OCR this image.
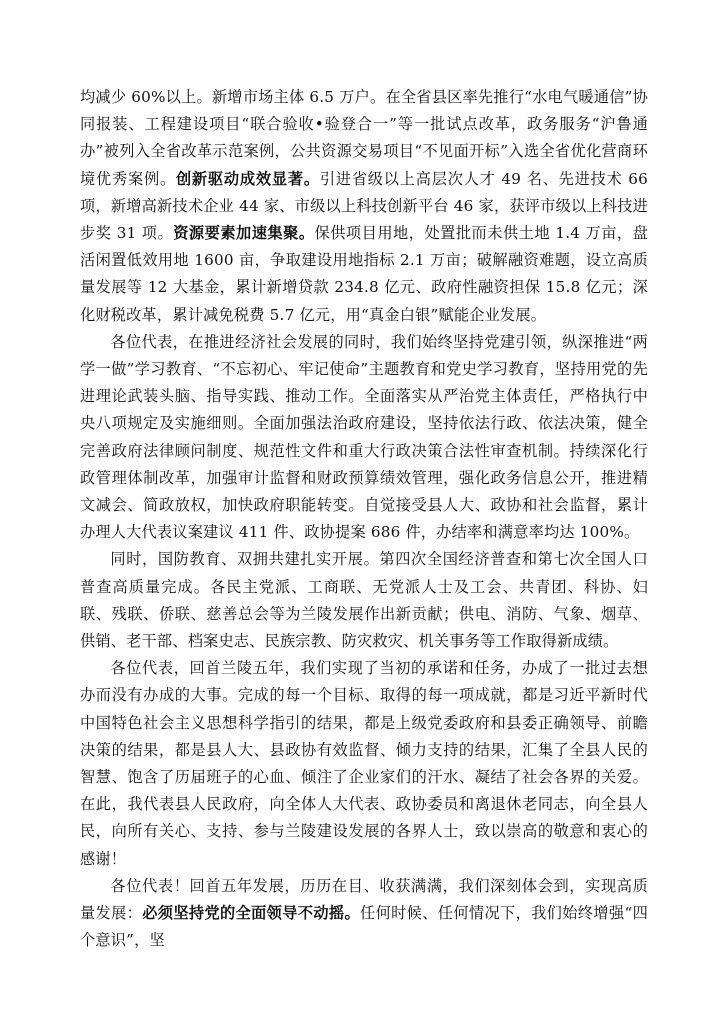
均减少 60%以上。新增市场主体 6.5 万户。在全省县区率先推行“水电气暖通信”协同报装、工程建设项目“联合验收•验登合一”等一批试点改革，政务服务“沪鲁通办”被列入全省改革示范案例，公共资源交易项目“不见面开标”入选全省优化营商环境优秀案例。创新驱动成效显著。引进省级以上高层次人才 49 名、先进技术 66 项，新增高新技术企业 44 家、市级以上科技创新平台 46 家，获评市级以上科技进步奖 31 项。资源要素加速集聚。保供项目用地，处置批而未供土地 1.4 万亩，盘活闲置低效用地 1600 亩，争取建设用地指标 2.1 万亩；破解融资难题，设立高质量发展等 12 大基金，累计新增贷款 234.8 亿元、政府性融资担保 15.8 亿元；深化财税改革，累计减免税费 5.7 亿元，用“真金白银”赋能企业发展。

各位代表，在推进经济社会发展的同时，我们始终坚持党建引领，纵深推进“两学一做”学习教育、“不忘初心、牢记使命”主题教育和党史学习教育，坚持用党的先进理论武装头脑、指导实践、推动工作。全面落实从严治党主体责任，严格执行中央八项规定及实施细则。全面加强法治政府建设，坚持依法行政、依法决策，健全完善政府法律顾问制度、规范性文件和重大行政决策合法性审查机制。持续深化行政管理体制改革，加强审计监督和财政预算绩效管理，强化政务信息公开，推进精文减会、简政放权，加快政府职能转变。自觉接受县人大、政协和社会监督，累计办理人大代表议案建议 411 件、政协提案 686 件，办结率和满意率均达 100%。

同时，国防教育、双拥共建扎实开展。第四次全国经济普查和第七次全国人口普查高质量完成。各民主党派、工商联、无党派人士及工会、共青团、科协、妇联、残联、侨联、慈善总会等为兰陵发展作出新贡献；供电、消防、气象、烟草、供销、老干部、档案史志、民族宗教、防灾救灾、机关事务等工作取得新成绩。

各位代表，回首兰陵五年，我们实现了当初的承诺和任务，办成了一批过去想办而没有办成的大事。完成的每一个目标、取得的每一项成就，都是习近平新时代中国特色社会主义思想科学指引的结果，都是上级党委政府和县委正确领导、前瞻决策的结果，都是县人大、县政协有效监督、倾力支持的结果，汇集了全县人民的智慧、饱含了历届班子的心血、倾注了企业家们的汗水、凝结了社会各界的关爱。在此，我代表县人民政府，向全体人大代表、政协委员和离退休老同志，向全县人民，向所有关心、支持、参与兰陵建设发展的各界人士，致以崇高的敬意和衷心的感谢！

各位代表！回首五年发展，历历在目、收获满满，我们深刻体会到，实现高质量发展：必须坚持党的全面领导不动摇。任何时候、任何情况下，我们始终增强“四个意识”，坚
